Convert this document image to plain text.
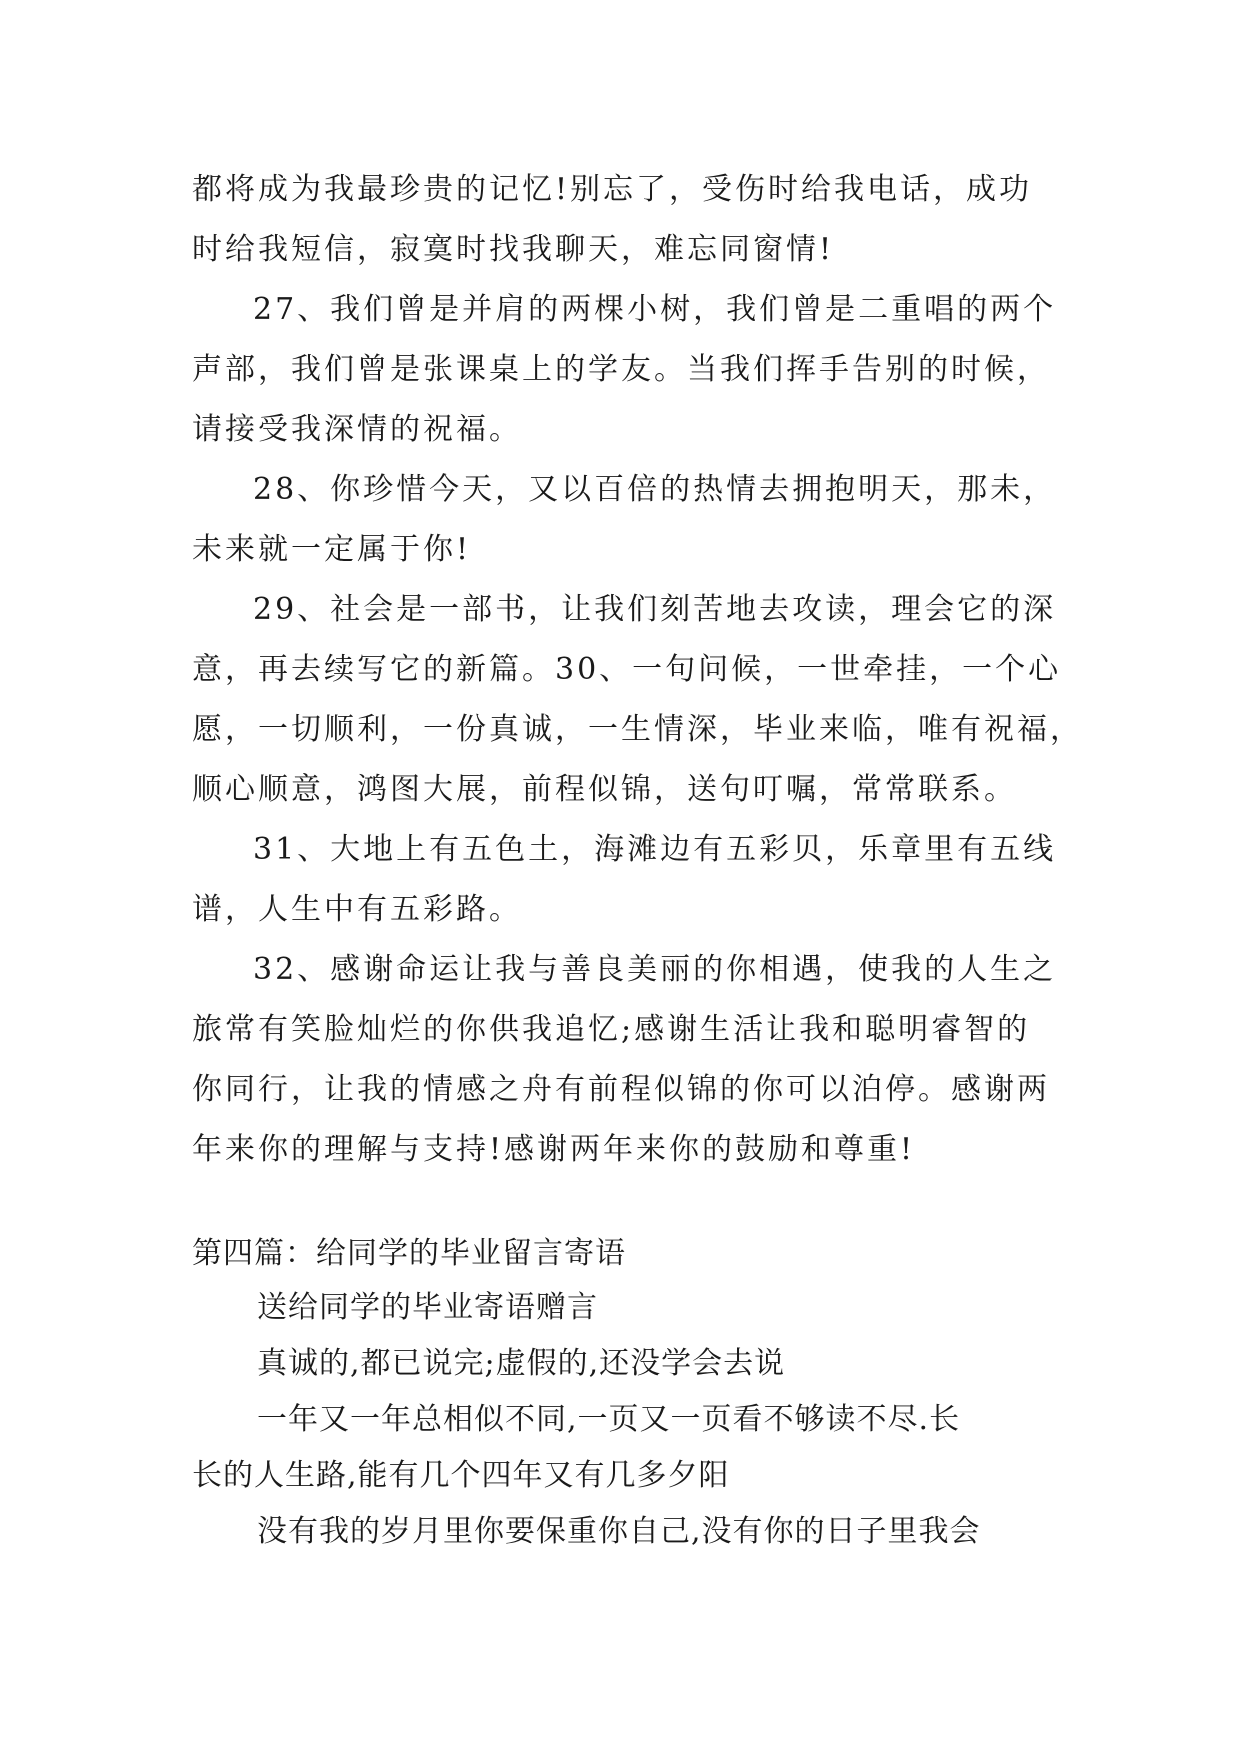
都将成为我最珍贵的记忆!别忘了，受伤时给我电话，成功
时给我短信，寂寞时找我聊天，难忘同窗情!
27、我们曾是并肩的两棵小树，我们曾是二重唱的两个
声部，我们曾是张课桌上的学友。当我们挥手告别的时候，
请接受我深情的祝福。
28、你珍惜今天，又以百倍的热情去拥抱明天，那未，
未来就一定属于你!
29、社会是一部书，让我们刻苦地去攻读，理会它的深
意，再去续写它的新篇。30、一句问候，一世牵挂，一个心
愿，一切顺利，一份真诚，一生情深，毕业来临，唯有祝福，
顺心顺意，鸿图大展，前程似锦，送句叮嘱，常常联系。
31、大地上有五色土，海滩边有五彩贝，乐章里有五线
谱，人生中有五彩路。
32、感谢命运让我与善良美丽的你相遇，使我的人生之
旅常有笑脸灿烂的你供我追忆;感谢生活让我和聪明睿智的
你同行，让我的情感之舟有前程似锦的你可以泊停。感谢两
年来你的理解与支持!感谢两年来你的鼓励和尊重!
第四篇：给同学的毕业留言寄语
送给同学的毕业寄语赠言
真诚的,都已说完;虚假的,还没学会去说
一年又一年总相似不同,一页又一页看不够读不尽.长
长的人生路,能有几个四年又有几多夕阳
没有我的岁月里你要保重你自己,没有你的日子里我会
